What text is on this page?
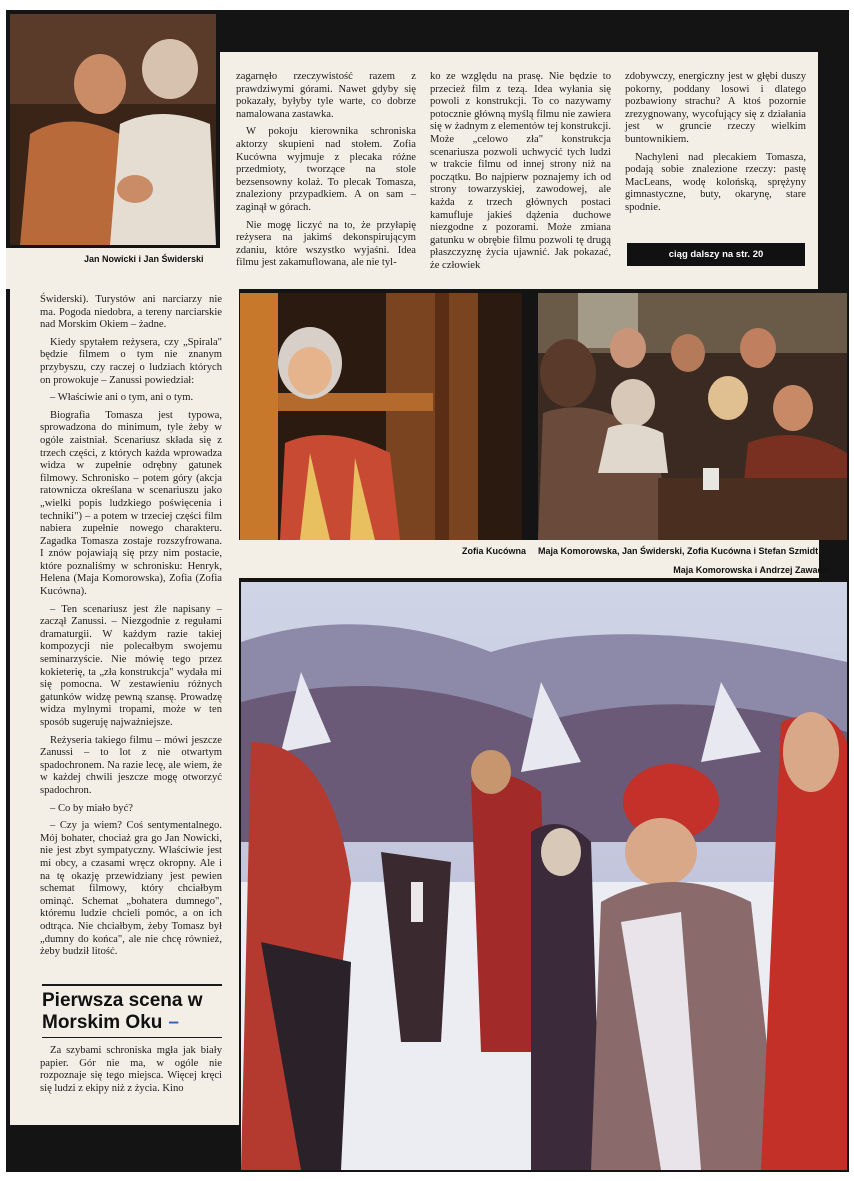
Jan Nowicki i Jan Świderski
Zofia Kucówna	Maja Komorowska, Jan Świderski, Zofia Kucówna i Stefan Szmidt
Maja Komorowska i Andrzej Zawada

zagarnęło rzeczywistość razem z prawdziwymi górami. Nawet gdyby się pokazały, byłyby tyle warte, co dobrze namalowana zastawka.

W pokoju kierownika schroniska aktorzy skupieni nad stołem. Zofia Kucówna wyjmuje z plecaka różne przedmioty, tworzące na stole bezsensowny kolaż. To plecak Tomasza, znaleziony przypadkiem. A on sam – zaginął w górach.

Nie mogę liczyć na to, że przyłapię reżysera na jakimś dekonspirującym zdaniu, które wszystko wyjaśni. Idea filmu jest zakamuflowana, ale nie tyl-

ko ze względu na prasę. Nie będzie to przecież film z tezą. Idea wyłania się powoli z konstrukcji. To co nazywamy potocznie główną myślą filmu nie zawiera się w żadnym z elementów tej konstrukcji. Może „celowo zła" konstrukcja scenariusza pozwoli uchwycić tych ludzi w trakcie filmu od innej strony niż na początku. Bo najpierw poznajemy ich od strony towarzyskiej, zawodowej, ale każda z trzech głównych postaci kamufluje jakieś dążenia duchowe niezgodne z pozorami. Może zmiana gatunku w obrębie filmu pozwoli tę drugą płaszczyznę życia ujawnić. Jak pokazać, że człowiek

zdobywczy, energiczny jest w głębi duszy pokorny, poddany losowi i dlatego pozbawiony strachu? A ktoś pozornie zrezygnowany, wycofujący się z działania jest w gruncie rzeczy wielkim buntownikiem.

Nachyleni nad plecakiem Tomasza, podają sobie znalezione rzeczy: pastę MacLeans, wodę kolońską, sprężyny gimnastyczne, buty, okarynę, stare spodnie.

ciąg dalszy na str. 20

Świderski). Turystów ani narciarzy nie ma. Pogoda niedobra, a tereny narciarskie nad Morskim Okiem – żadne.

Kiedy spytałem reżysera, czy „Spirala" będzie filmem o tym nie znanym przybyszu, czy raczej o ludziach których on prowokuje – Zanussi powiedział:

– Właściwie ani o tym, ani o tym.

Biografia Tomasza jest typowa, sprowadzona do minimum, tyle żeby w ogóle zaistniał. Scenariusz składa się z trzech części, z których każda wprowadza widza w zupełnie odrębny gatunek filmowy. Schronisko – potem góry (akcja ratownicza określana w scenariuszu jako „wielki popis ludzkiego poświęcenia i techniki") – a potem w trzeciej części film nabiera zupełnie nowego charakteru. Zagadka Tomasza zostaje rozszyfrowana. I znów pojawiają się przy nim postacie, które poznaliśmy w schronisku: Henryk, Helena (Maja Komorowska), Zofia (Zofia Kucówna).

– Ten scenariusz jest źle napisany – zaczął Zanussi. – Niezgodnie z regułami dramaturgii. W każdym razie takiej kompozycji nie polecałbym swojemu seminarzyście. Nie mówię tego przez kokieterię, ta „zła konstrukcja" wydała mi się pomocna. W zestawieniu różnych gatunków widzę pewną szansę. Prowadzę widza mylnymi tropami, może w ten sposób sugeruję najważniejsze.

Reżyseria takiego filmu – mówi jeszcze Zanussi – to lot z nie otwartym spadochronem. Na razie lecę, ale wiem, że w każdej chwili jeszcze mogę otworzyć spadochron.

– Co by miało być?

– Czy ja wiem? Coś sentymentalnego. Mój bohater, chociaż gra go Jan Nowicki, nie jest zbyt sympatyczny. Właściwie jest mi obcy, a czasami wręcz okropny. Ale i na tę okazję przewidziany jest pewien schemat filmowy, który chciałbym ominąć. Schemat „bohatera dumnego", któremu ludzie chcieli pomóc, a on ich odtrąca. Nie chciałbym, żeby Tomasz był „dumny do końca", ale nie chcę również, żeby budził litość.

Pierwsza scena w Morskim Oku –

Za szybami schroniska mgła jak biały papier. Gór nie ma, w ogóle nie rozpoznaje się tego miejsca. Więcej kręci się ludzi z ekipy niż z życia. Kino
